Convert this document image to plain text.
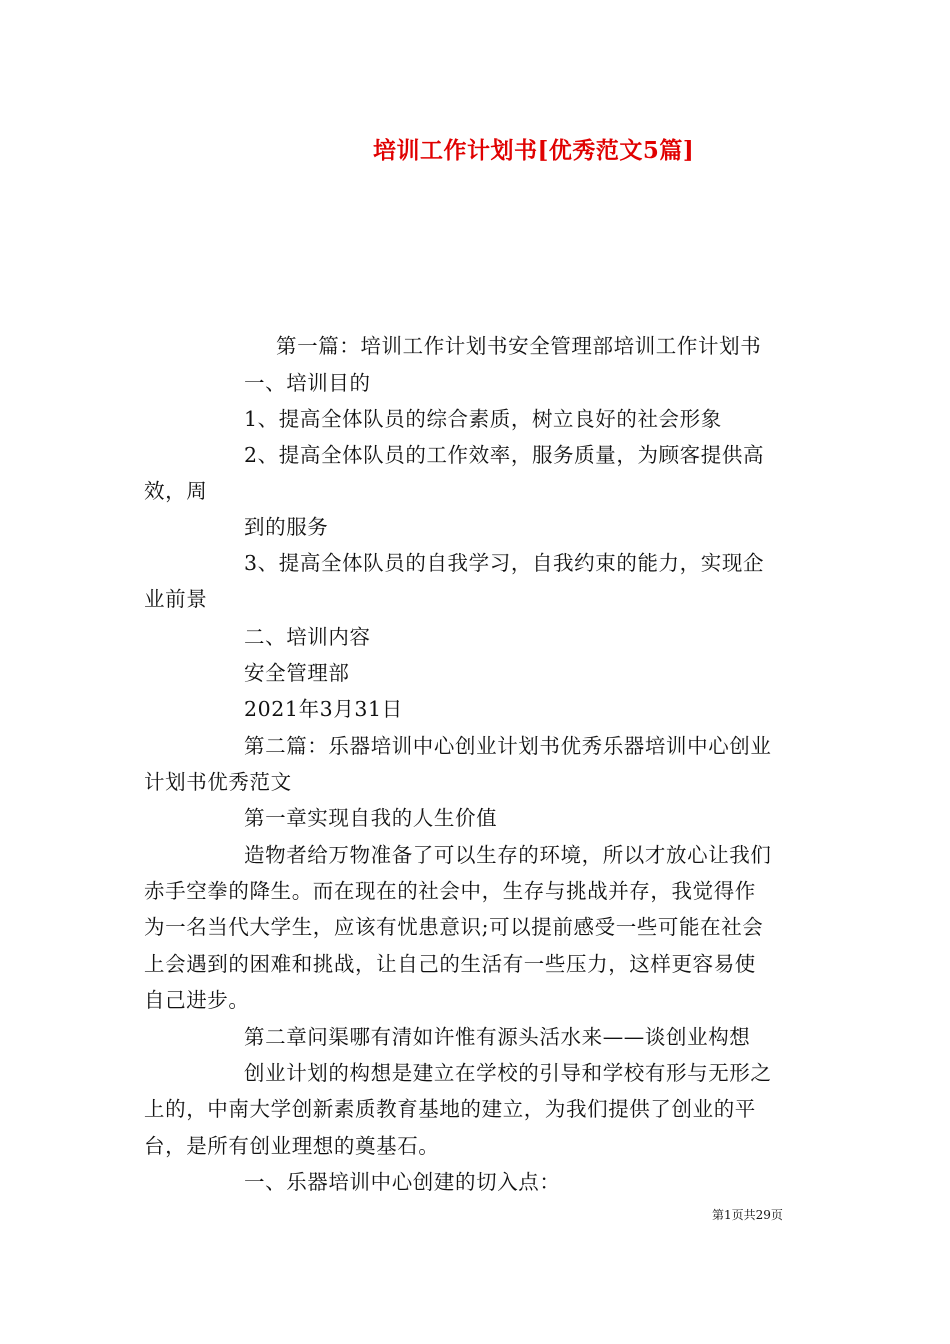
培训工作计划书[优秀范文5篇]
第一篇：培训工作计划书安全管理部培训工作计划书
一、培训目的
1、提高全体队员的综合素质，树立良好的社会形象
2、提高全体队员的工作效率，服务质量，为顾客提供高
效，周
到的服务
3、提高全体队员的自我学习，自我约束的能力，实现企
业前景
二、培训内容
安全管理部
2021年3月31日
第二篇：乐器培训中心创业计划书优秀乐器培训中心创业
计划书优秀范文
第一章实现自我的人生价值
造物者给万物准备了可以生存的环境，所以才放心让我们
赤手空拳的降生。而在现在的社会中，生存与挑战并存，我觉得作
为一名当代大学生，应该有忧患意识;可以提前感受一些可能在社会
上会遇到的困难和挑战，让自己的生活有一些压力，这样更容易使
自己进步。
第二章问渠哪有清如许惟有源头活水来——谈创业构想
创业计划的构想是建立在学校的引导和学校有形与无形之
上的，中南大学创新素质教育基地的建立，为我们提供了创业的平
台，是所有创业理想的奠基石。
一、乐器培训中心创建的切入点：
第1页共29页
